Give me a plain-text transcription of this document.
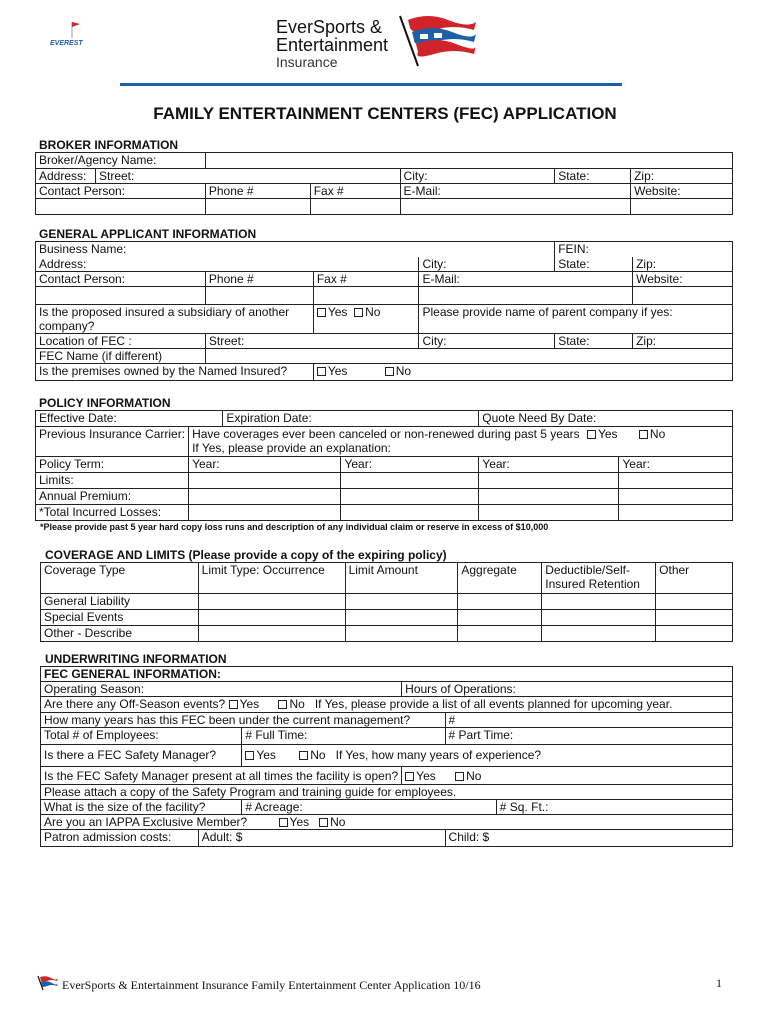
EVEREST
EverSports &
Entertainment
Insurance
FAMILY ENTERTAINMENT CENTERS (FEC) APPLICATION
BROKER INFORMATION
Broker/Agency Name:						
Address:	Street:			City:	State:	Zip:
Contact Person:		Phone #	Fax #	E-Mail:		Website:

GENERAL APPLICANT INFORMATION
Business Name:				FEIN:	
Address:			City:	State:	Zip:
Contact Person:	Phone #	Fax #	E-Mail:		Website:

Is the proposed insured a subsidiary of another
company?		Yes No	Please provide name of parent company if yes:		
Location of FEC :	Street:		City:	State:	Zip:
FEC Name (if different)					
Is the premises owned by the Named Insured?		Yes No			
POLICY INFORMATION
Effective Date:		Expiration Date:		Quote Need By Date:	
Previous Insurance Carrier:	Have coverages ever been canceled or non-renewed during past 5 years Yes No
If Yes, please provide an explanation:				
Policy Term:	Year:		Year:	Year:	Year:
Limits:					
Annual Premium:					
*Total Incurred Losses:					
*Please provide past 5 year hard copy loss runs and description of any individual claim or reserve in excess of $10,000
COVERAGE AND LIMITS (Please provide a copy of the expiring policy)
Coverage Type	Limit Type: Occurrence	Limit Amount	Aggregate	Deductible/Self-
Insured Retention	Other
General Liability					
Special Events					
Other - Describe					
UNDERWRITING INFORMATION
FEC GENERAL INFORMATION:					
Operating Season:			Hours of Operations:		
Are there any Off-Season events? Yes No If Yes, please provide a list of all events planned for upcoming year.					
How many years has this FEC been under the current management?				#	
Total # of Employees:		# Full Time:		# Part Time:	
Is there a FEC Safety Manager?		Yes No If Yes, how many years of experience?			
Is the FEC Safety Manager present at all times the facility is open?			Yes No		
Please attach a copy of the Safety Program and training guide for employees.					
What is the size of the facility?		# Acreage:			# Sq. Ft.:
Are you an IAPPA Exclusive Member? Yes No					
Patron admission costs:	Adult: $			Child: $	
EverSports & Entertainment Insurance Family Entertainment Center Application 10/16	1
